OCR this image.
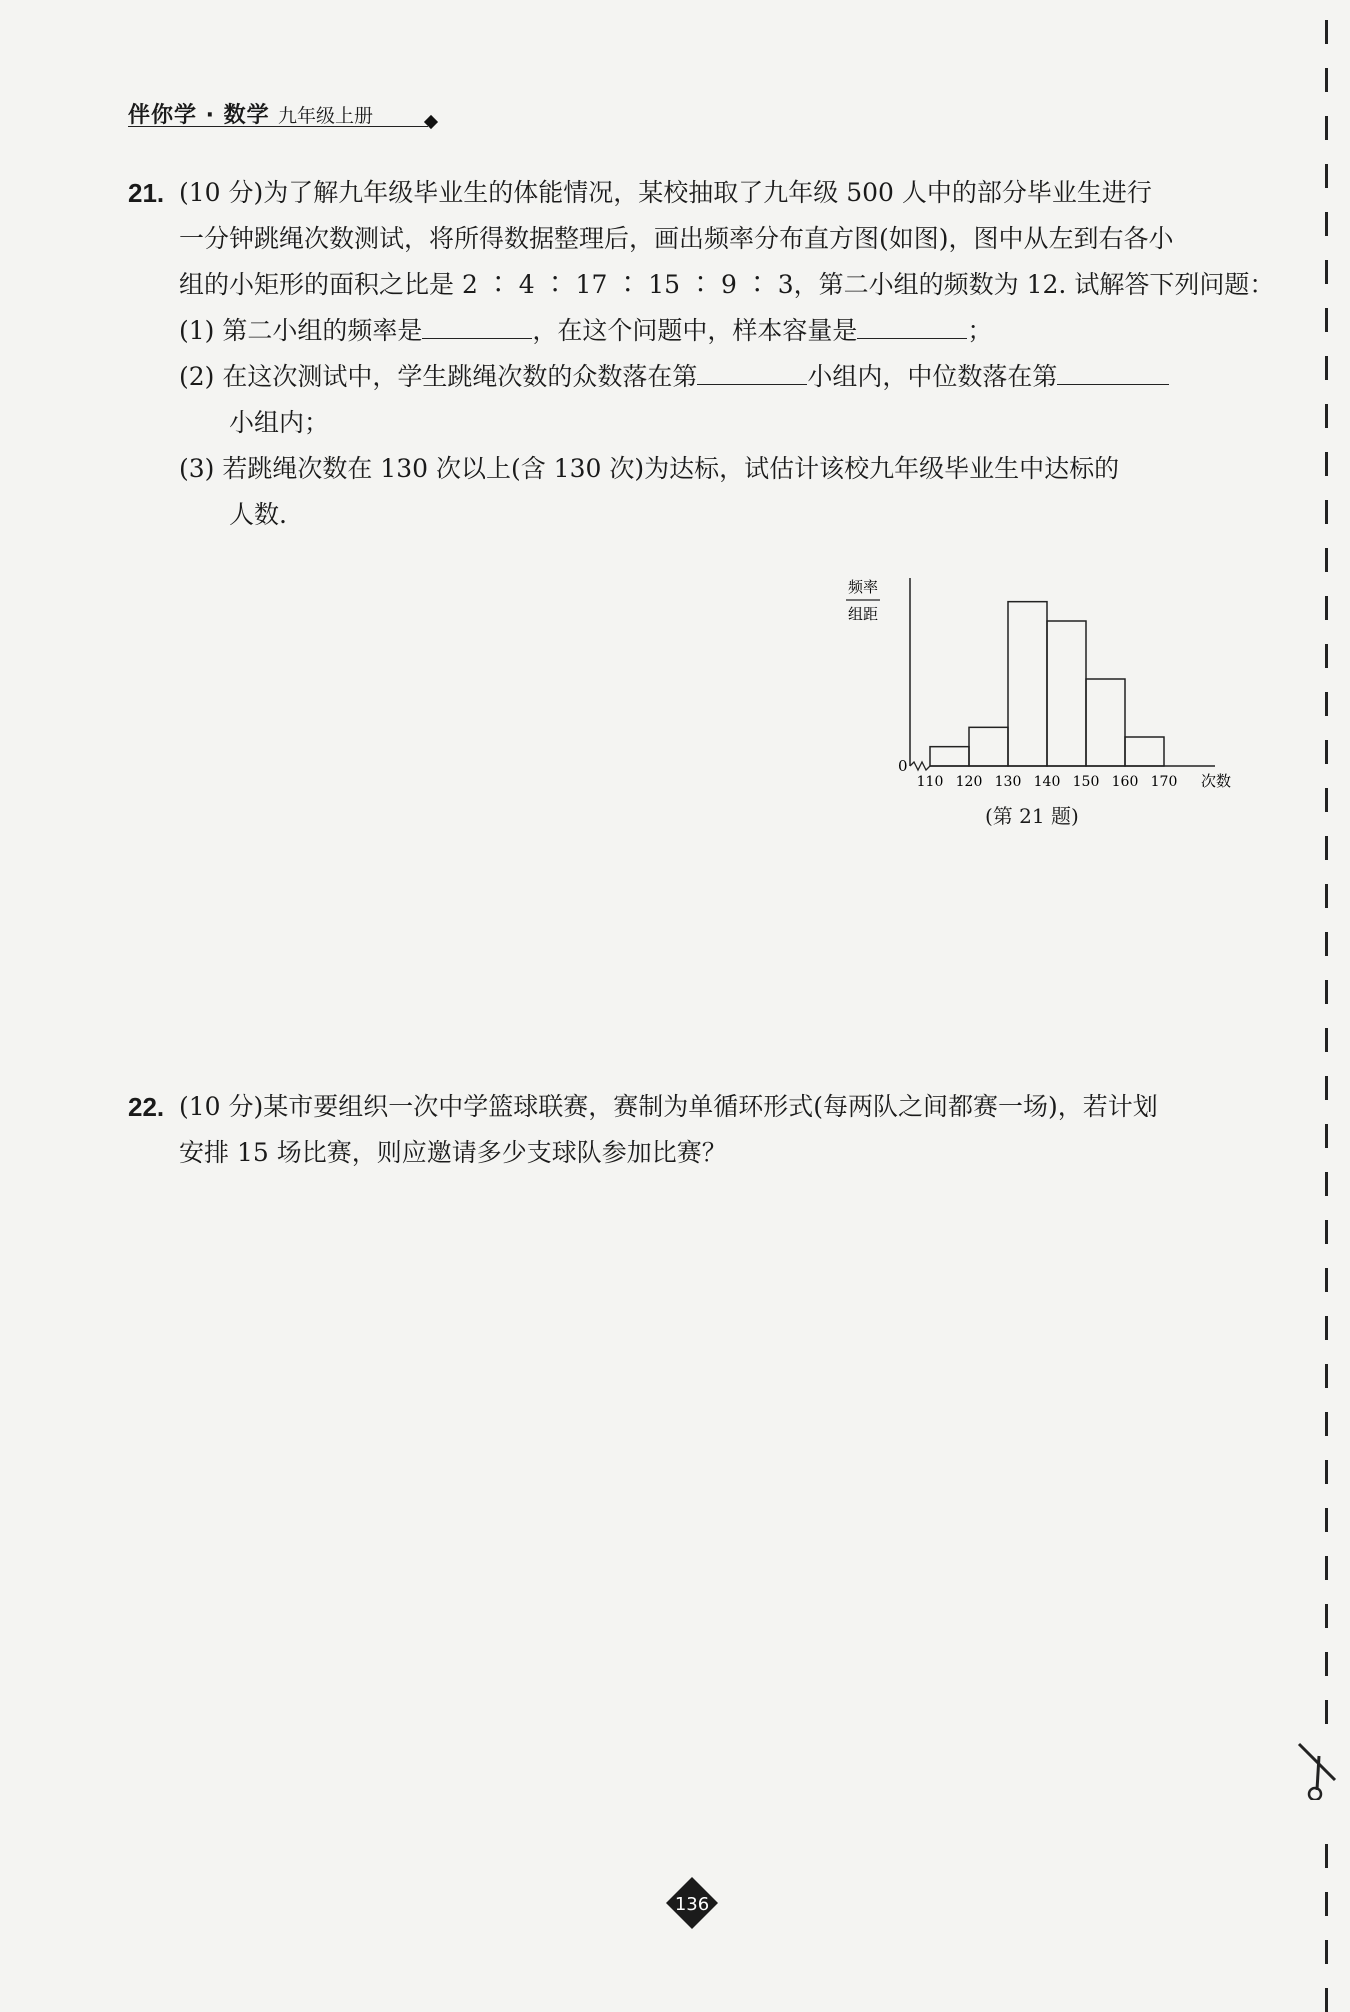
伴你学 · 数学 九年级上册
21. (10 分)为了解九年级毕业生的体能情况，某校抽取了九年级 500 人中的部分毕业生进行
一分钟跳绳次数测试，将所得数据整理后，画出频率分布直方图(如图)，图中从左到右各小
组的小矩形的面积之比是 2 ∶ 4 ∶ 17 ∶ 15 ∶ 9 ∶ 3，第二小组的频数为 12. 试解答下列问题：
(1) 第二小组的频率是	，在这个问题中，样本容量是	；
(2) 在这次测试中，学生跳绳次数的众数落在第	小组内，中位数落在第
小组内；
(3) 若跳绳次数在 130 次以上(含 130 次)为达标，试估计该校九年级毕业生中达标的
人数.
频率
组距
0
110 120 130 140 150 160 170 次数
(第 21 题)
22. (10 分)某市要组织一次中学篮球联赛，赛制为单循环形式(每两队之间都赛一场)，若计划
安排 15 场比赛，则应邀请多少支球队参加比赛？
136
